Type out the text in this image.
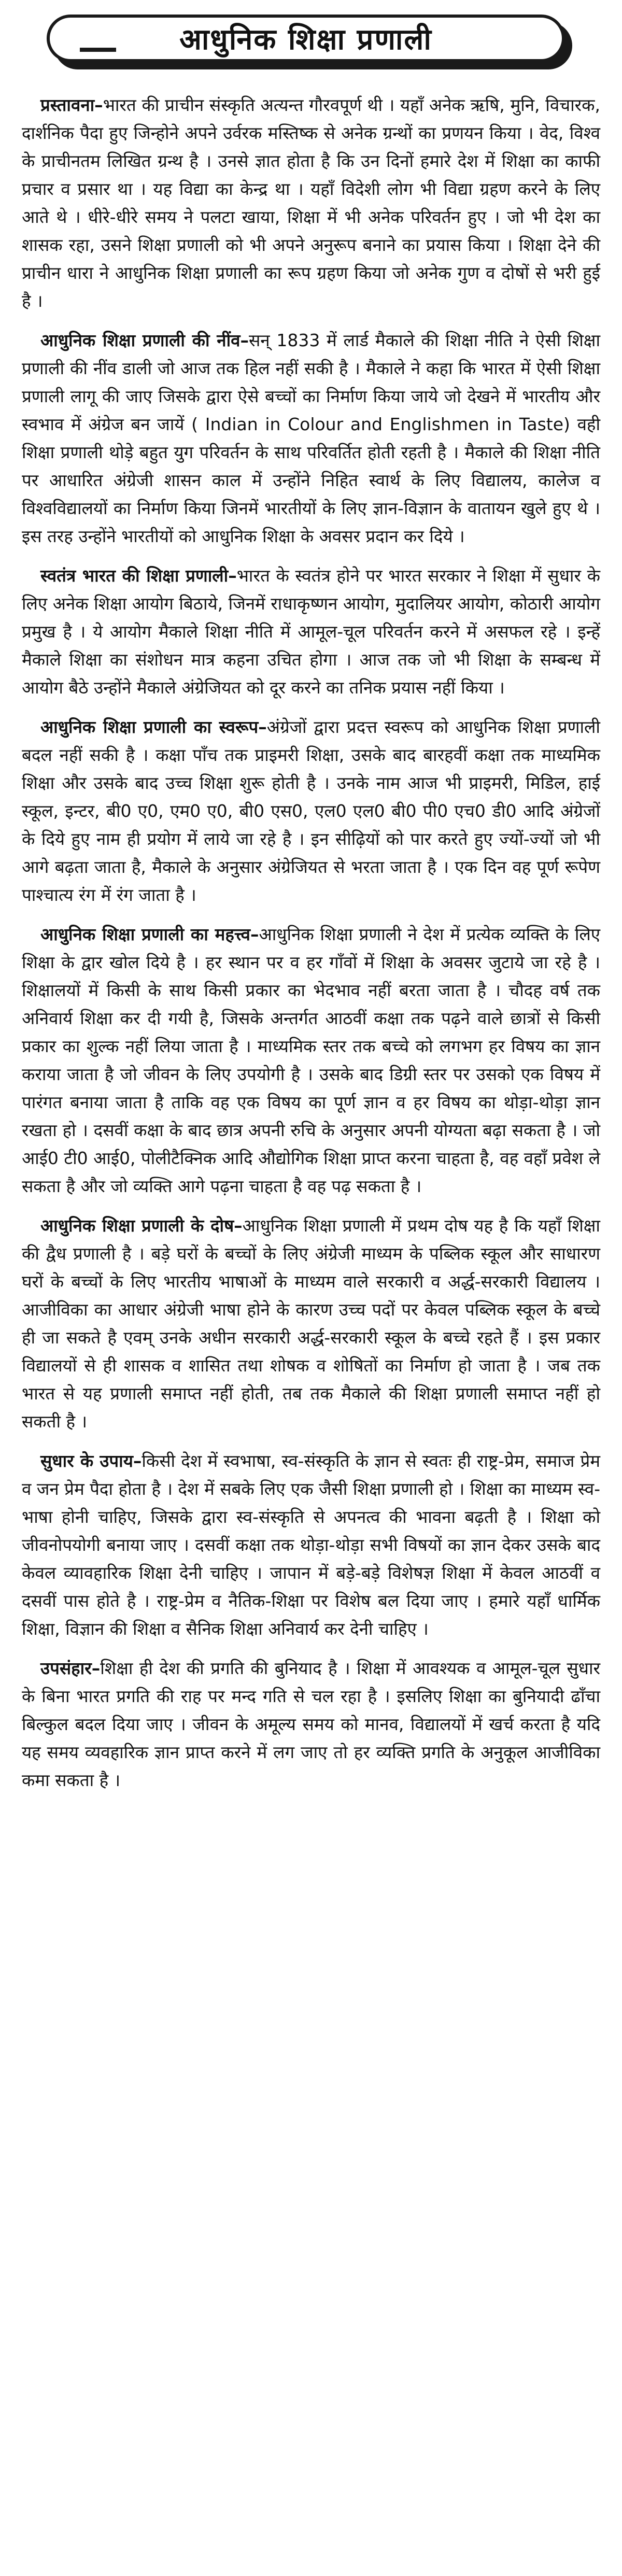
आधुनिक शिक्षा प्रणाली

प्रस्तावना–भारत की प्राचीन संस्कृति अत्यन्त गौरवपूर्ण थी । यहाँ अनेक ऋषि, मुनि, विचारक, दार्शनिक पैदा हुए जिन्होने अपने उर्वरक मस्तिष्क से अनेक ग्रन्थों का प्रणयन किया । वेद, विश्व के प्राचीनतम लिखित ग्रन्थ है । उनसे ज्ञात होता है कि उन दिनों हमारे देश में शिक्षा का काफी प्रचार व प्रसार था । यह विद्या का केन्द्र था । यहाँ विदेशी लोग भी विद्या ग्रहण करने के लिए आते थे । धीरे-धीरे समय ने पलटा खाया, शिक्षा में भी अनेक परिवर्तन हुए । जो भी देश का शासक रहा, उसने शिक्षा प्रणाली को भी अपने अनुरूप बनाने का प्रयास किया । शिक्षा देने की प्राचीन धारा ने आधुनिक शिक्षा प्रणाली का रूप ग्रहण किया जो अनेक गुण व दोषों से भरी हुई है ।

आधुनिक शिक्षा प्रणाली की नींव–सन् 1833 में लार्ड मैकाले की शिक्षा नीति ने ऐसी शिक्षा प्रणाली की नींव डाली जो आज तक हिल नहीं सकी है । मैकाले ने कहा कि भारत में ऐसी शिक्षा प्रणाली लागू की जाए जिसके द्वारा ऐसे बच्चों का निर्माण किया जाये जो देखने में भारतीय और स्वभाव में अंग्रेज बन जायें ( Indian in Colour and Englishmen in Taste) वही शिक्षा प्रणाली थोड़े बहुत युग परिवर्तन के साथ परिवर्तित होती रहती है । मैकाले की शिक्षा नीति पर आधारित अंग्रेजी शासन काल में उन्होंने निहित स्वार्थ के लिए विद्यालय, कालेज व विश्वविद्यालयों का निर्माण किया जिनमें भारतीयों के लिए ज्ञान-विज्ञान के वातायन खुले हुए थे । इस तरह उन्होंने भारतीयों को आधुनिक शिक्षा के अवसर प्रदान कर दिये ।

स्वतंत्र भारत की शिक्षा प्रणाली–भारत के स्वतंत्र होने पर भारत सरकार ने शिक्षा में सुधार के लिए अनेक शिक्षा आयोग बिठाये, जिनमें राधाकृष्णन आयोग, मुदालियर आयोग, कोठारी आयोग प्रमुख है । ये आयोग मैकाले शिक्षा नीति में आमूल-चूल परिवर्तन करने में असफल रहे । इन्हें मैकाले शिक्षा का संशोधन मात्र कहना उचित होगा । आज तक जो भी शिक्षा के सम्बन्ध में आयोग बैठे उन्होंने मैकाले अंग्रेजियत को दूर करने का तनिक प्रयास नहीं किया ।

आधुनिक शिक्षा प्रणाली का स्वरूप–अंग्रेजों द्वारा प्रदत्त स्वरूप को आधुनिक शिक्षा प्रणाली बदल नहीं सकी है । कक्षा पाँच तक प्राइमरी शिक्षा, उसके बाद बारहवीं कक्षा तक माध्यमिक शिक्षा और उसके बाद उच्च शिक्षा शुरू होती है । उनके नाम आज भी प्राइमरी, मिडिल, हाई स्कूल, इन्टर, बी0 ए0, एम0 ए0, बी0 एस0, एल0 एल0 बी0 पी0 एच0 डी0 आदि अंग्रेजों के दिये हुए नाम ही प्रयोग में लाये जा रहे है । इन सीढ़ियों को पार करते हुए ज्यों-ज्यों जो भी आगे बढ़ता जाता है, मैकाले के अनुसार अंग्रेजियत से भरता जाता है । एक दिन वह पूर्ण रूपेण पाश्चात्य रंग में रंग जाता है ।

आधुनिक शिक्षा प्रणाली का महत्त्व–आधुनिक शिक्षा प्रणाली ने देश में प्रत्येक व्यक्ति के लिए शिक्षा के द्वार खोल दिये है । हर स्थान पर व हर गाँवों में शिक्षा के अवसर जुटाये जा रहे है । शिक्षालयों में किसी के साथ किसी प्रकार का भेदभाव नहीं बरता जाता है । चौदह वर्ष तक अनिवार्य शिक्षा कर दी गयी है, जिसके अन्तर्गत आठवीं कक्षा तक पढ़ने वाले छात्रों से किसी प्रकार का शुल्क नहीं लिया जाता है । माध्यमिक स्तर तक बच्चे को लगभग हर विषय का ज्ञान कराया जाता है जो जीवन के लिए उपयोगी है । उसके बाद डिग्री स्तर पर उसको एक विषय में पारंगत बनाया जाता है ताकि वह एक विषय का पूर्ण ज्ञान व हर विषय का थोड़ा-थोड़ा ज्ञान रखता हो । दसवीं कक्षा के बाद छात्र अपनी रुचि के अनुसार अपनी योग्यता बढ़ा सकता है । जो आई0 टी0 आई0, पोलीटैक्निक आदि औद्योगिक शिक्षा प्राप्त करना चाहता है, वह वहाँ प्रवेश ले सकता है और जो व्यक्ति आगे पढ़ना चाहता है वह पढ़ सकता है ।

आधुनिक शिक्षा प्रणाली के दोष–आधुनिक शिक्षा प्रणाली में प्रथम दोष यह है कि यहाँ शिक्षा की द्वैध प्रणाली है । बड़े घरों के बच्चों के लिए अंग्रेजी माध्यम के पब्लिक स्कूल और साधारण घरों के बच्चों के लिए भारतीय भाषाओं के माध्यम वाले सरकारी व अर्द्ध-सरकारी विद्यालय । आजीविका का आधार अंग्रेजी भाषा होने के कारण उच्च पदों पर केवल पब्लिक स्कूल के बच्चे ही जा सकते है एवम् उनके अधीन सरकारी अर्द्ध-सरकारी स्कूल के बच्चे रहते हैं । इस प्रकार विद्यालयों से ही शासक व शासित तथा शोषक व शोषितों का निर्माण हो जाता है । जब तक भारत से यह प्रणाली समाप्त नहीं होती, तब तक मैकाले की शिक्षा प्रणाली समाप्त नहीं हो सकती है ।

सुधार के उपाय–किसी देश में स्वभाषा, स्व-संस्कृति के ज्ञान से स्वतः ही राष्ट्र-प्रेम, समाज प्रेम व जन प्रेम पैदा होता है । देश में सबके लिए एक जैसी शिक्षा प्रणाली हो । शिक्षा का माध्यम स्व-भाषा होनी चाहिए, जिसके द्वारा स्व-संस्कृति से अपनत्व की भावना बढ़ती है । शिक्षा को जीवनोपयोगी बनाया जाए । दसवीं कक्षा तक थोड़ा-थोड़ा सभी विषयों का ज्ञान देकर उसके बाद केवल व्यावहारिक शिक्षा देनी चाहिए । जापान में बड़े-बड़े विशेषज्ञ शिक्षा में केवल आठवीं व दसवीं पास होते है । राष्ट्र-प्रेम व नैतिक-शिक्षा पर विशेष बल दिया जाए । हमारे यहाँ धार्मिक शिक्षा, विज्ञान की शिक्षा व सैनिक शिक्षा अनिवार्य कर देनी चाहिए ।

उपसंहार–शिक्षा ही देश की प्रगति की बुनियाद है । शिक्षा में आवश्यक व आमूल-चूल सुधार के बिना भारत प्रगति की राह पर मन्द गति से चल रहा है । इसलिए शिक्षा का बुनियादी ढाँचा बिल्कुल बदल दिया जाए । जीवन के अमूल्य समय को मानव, विद्यालयों में खर्च करता है यदि यह समय व्यवहारिक ज्ञान प्राप्त करने में लग जाए तो हर व्यक्ति प्रगति के अनुकूल आजीविका कमा सकता है ।
